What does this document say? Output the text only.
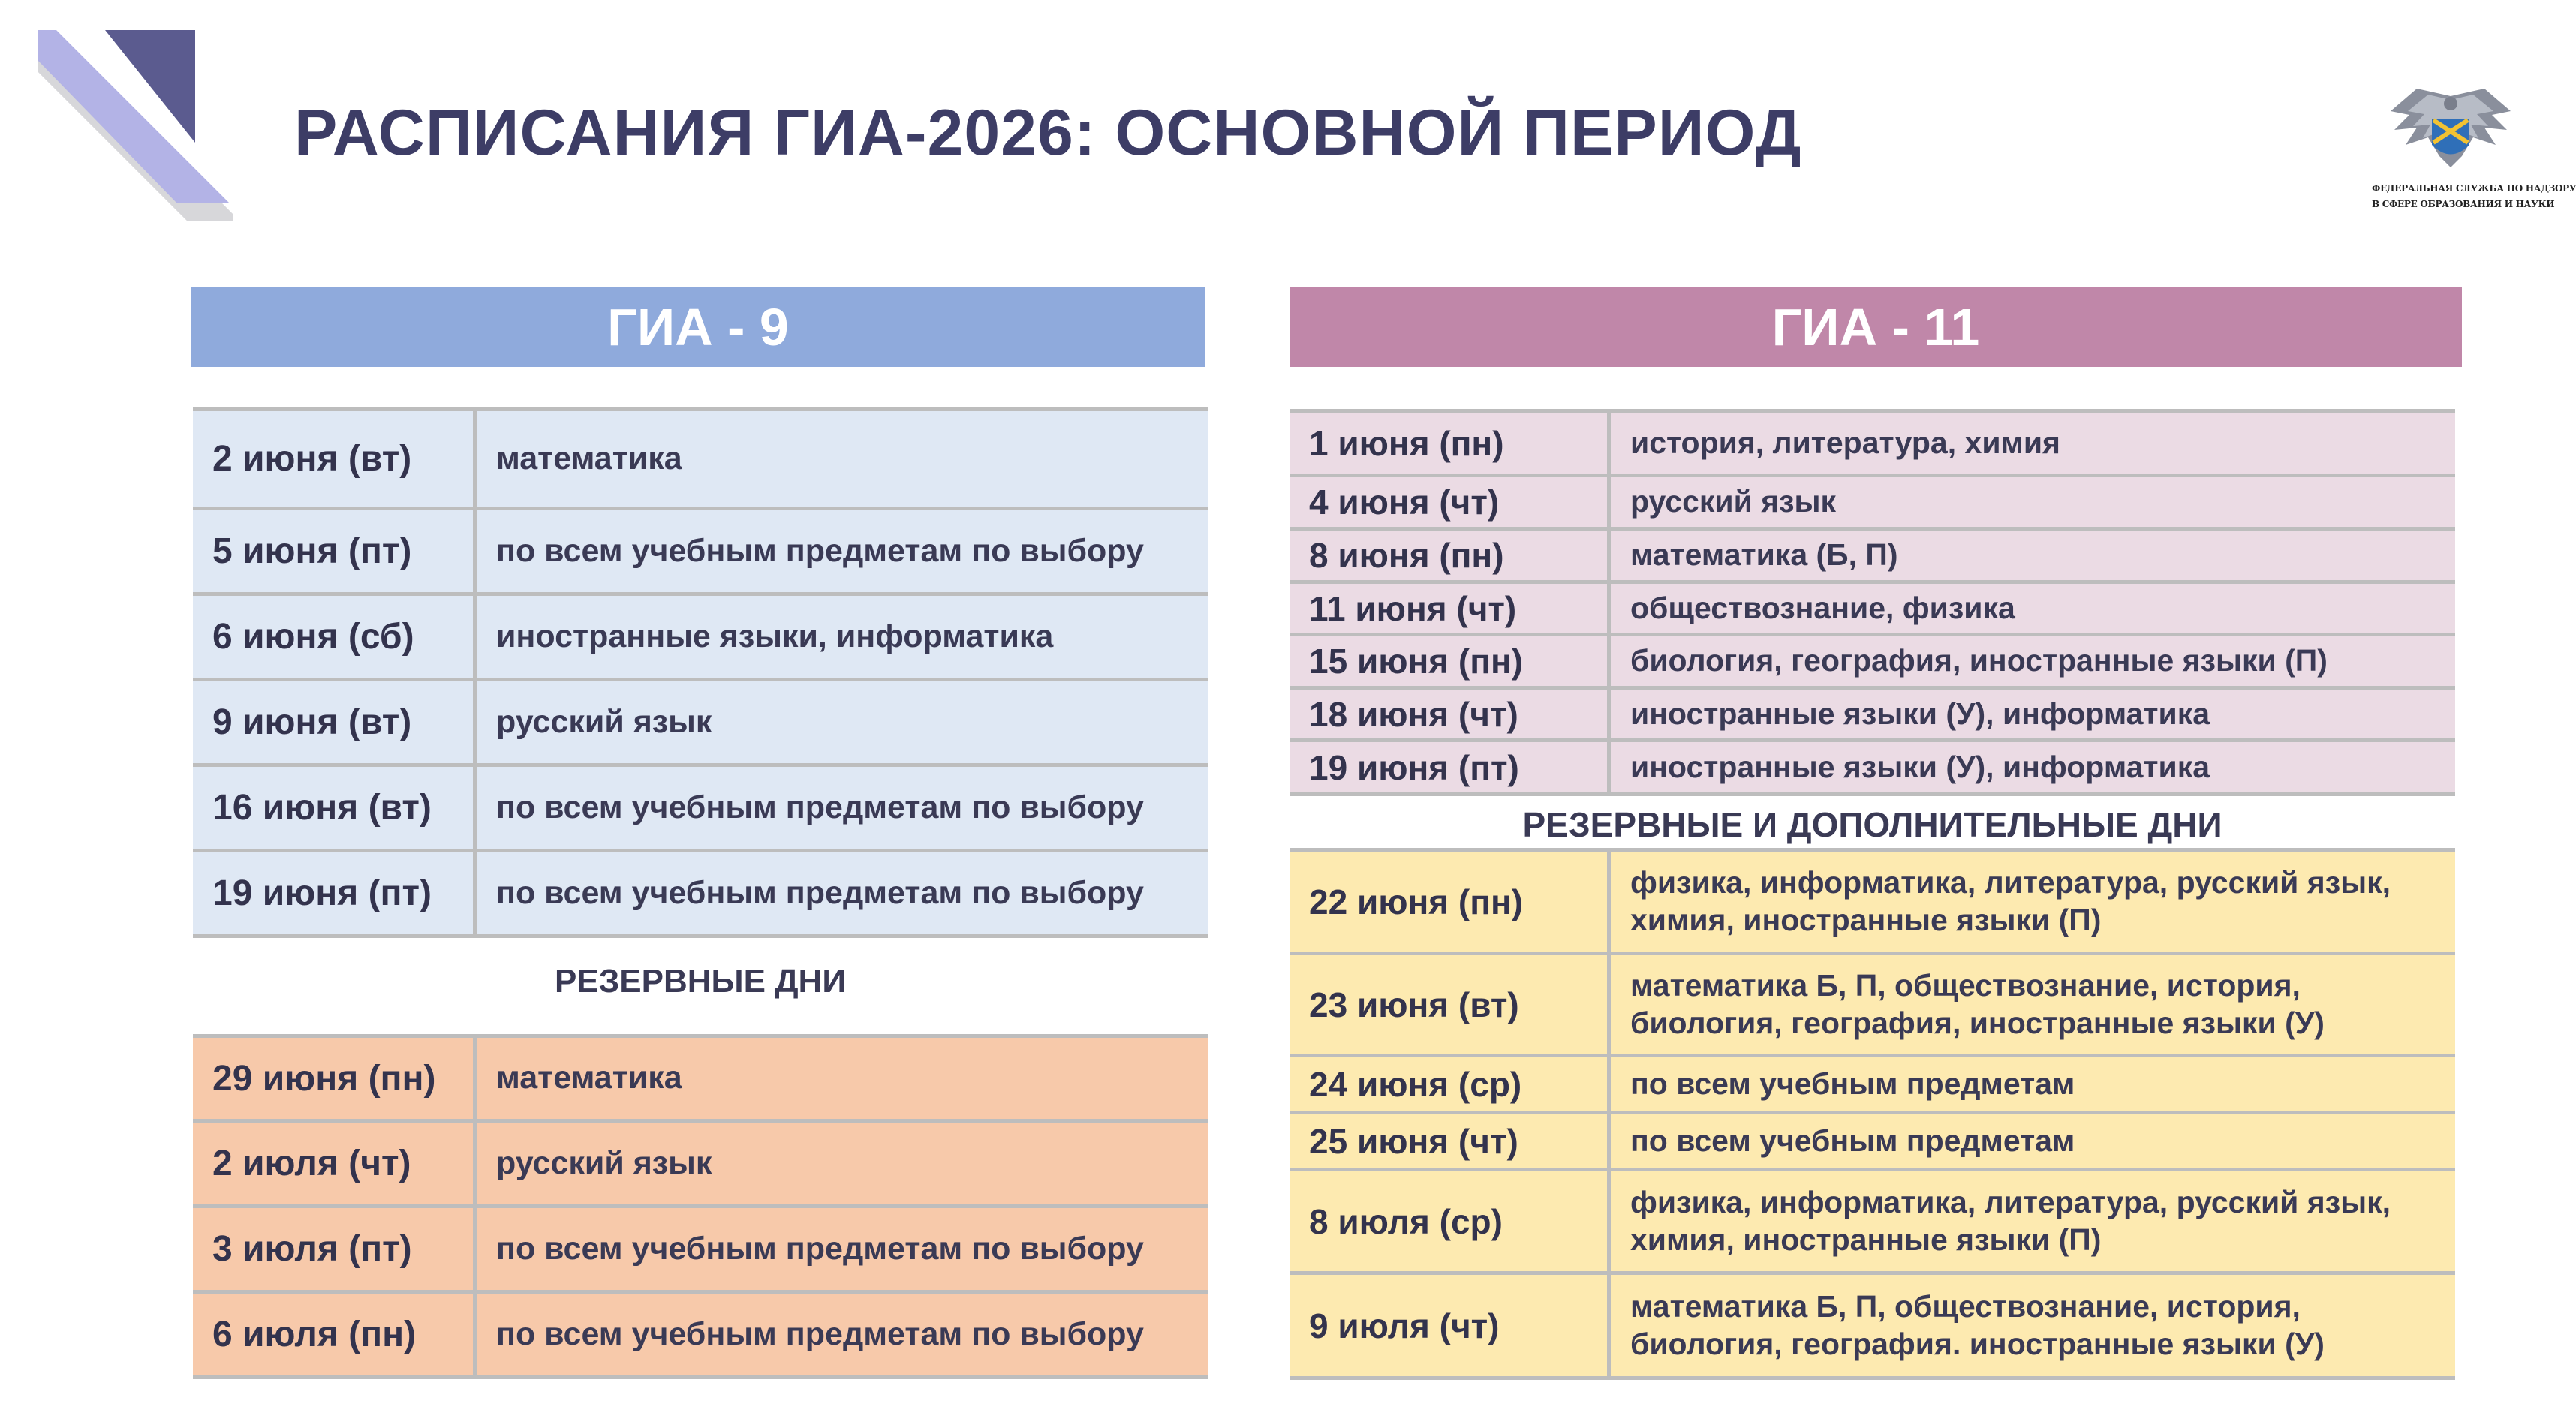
РАСПИСАНИЯ ГИА-2026: ОСНОВНОЙ ПЕРИОД
ФЕДЕРАЛЬНАЯ СЛУЖБА ПО НАДЗОРУ
В СФЕРЕ ОБРАЗОВАНИЯ И НАУКИ
ГИА - 9
2 июня (вт)	математика
5 июня (пт)	по всем учебным предметам по выбору
6 июня (сб)	иностранные языки, информатика
9 июня (вт)	русский язык
16 июня (вт)	по всем учебным предметам по выбору
19 июня (пт)	по всем учебным предметам по выбору
РЕЗЕРВНЫЕ ДНИ
29 июня (пн)	математика
2 июля (чт)	русский язык
3 июля (пт)	по всем учебным предметам по выбору
6 июля (пн)	по всем учебным предметам по выбору
ГИА - 11
1 июня (пн)	история, литература, химия
4 июня (чт)	русский язык
8 июня (пн)	математика (Б, П)
11 июня (чт)	обществознание, физика
15 июня (пн)	биология, география, иностранные языки (П)
18 июня (чт)	иностранные языки (У), информатика
19 июня (пт)	иностранные языки (У), информатика
РЕЗЕРВНЫЕ И ДОПОЛНИТЕЛЬНЫЕ ДНИ
22 июня (пн)	физика, информатика, литература, русский язык, химия, иностранные языки (П)
23 июня (вт)	математика Б, П, обществознание, история, биология, география, иностранные языки (У)
24 июня (ср)	по всем учебным предметам
25 июня (чт)	по всем учебным предметам
8 июля (ср)	физика, информатика, литература, русский язык, химия, иностранные языки (П)
9 июля (чт)	математика Б, П, обществознание, история, биология, география. иностранные языки (У)
